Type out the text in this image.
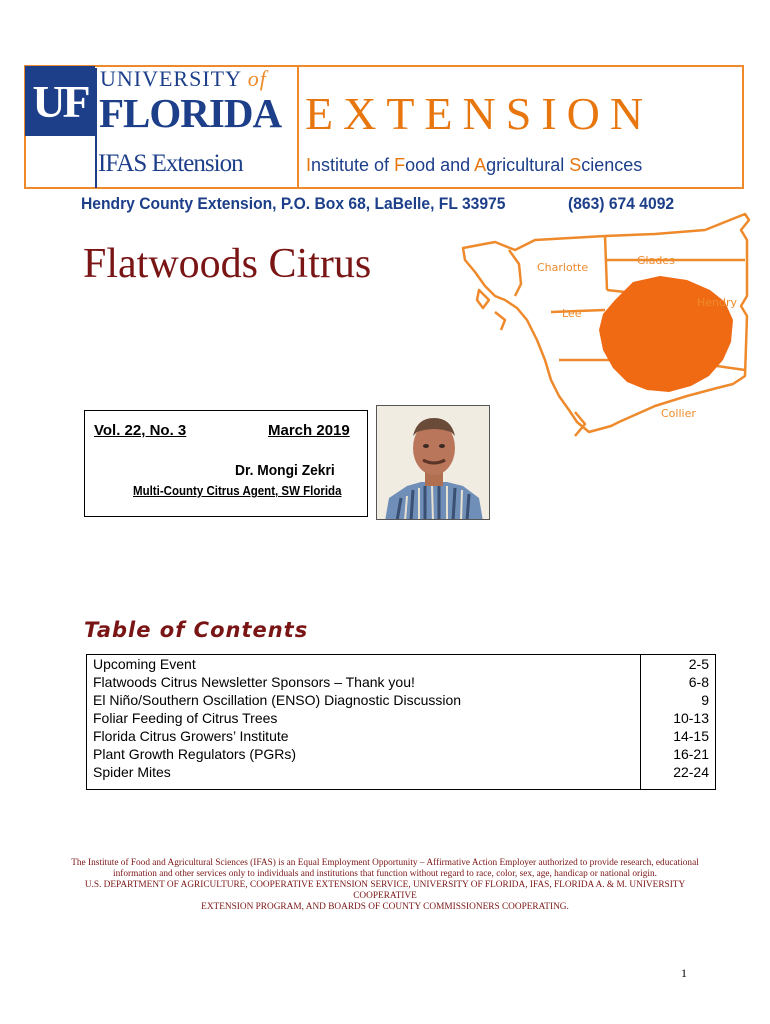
UF UNIVERSITY of
FLORIDA
IFAS Extension
EXTENSION
Institute of Food and Agricultural Sciences
Hendry County Extension, P.O. Box 68, LaBelle, FL 33975	(863) 674 4092
Flatwoods Citrus	Charlotte
Glades
Lee
Hendry
Collier
Vol. 22, No. 3	March 2019
Dr. Mongi Zekri
Multi-County Citrus Agent, SW Florida
Table of Contents
Upcoming Event	2-5
Flatwoods Citrus Newsletter Sponsors – Thank you!	6-8
El Niño/Southern Oscillation (ENSO) Diagnostic Discussion	9
Foliar Feeding of Citrus Trees	10-13
Florida Citrus Growers’ Institute	14-15
Plant Growth Regulators (PGRs)	16-21
Spider Mites	22-24
The Institute of Food and Agricultural Sciences (IFAS) is an Equal Employment Opportunity – Affirmative Action Employer authorized to provide research, educational
information and other services only to individuals and institutions that function without regard to race, color, sex, age, handicap or national origin.
U.S. DEPARTMENT OF AGRICULTURE, COOPERATIVE EXTENSION SERVICE, UNIVERSITY OF FLORIDA, IFAS, FLORIDA A. & M. UNIVERSITY COOPERATIVE
EXTENSION PROGRAM, AND BOARDS OF COUNTY COMMISSIONERS COOPERATING.
1
